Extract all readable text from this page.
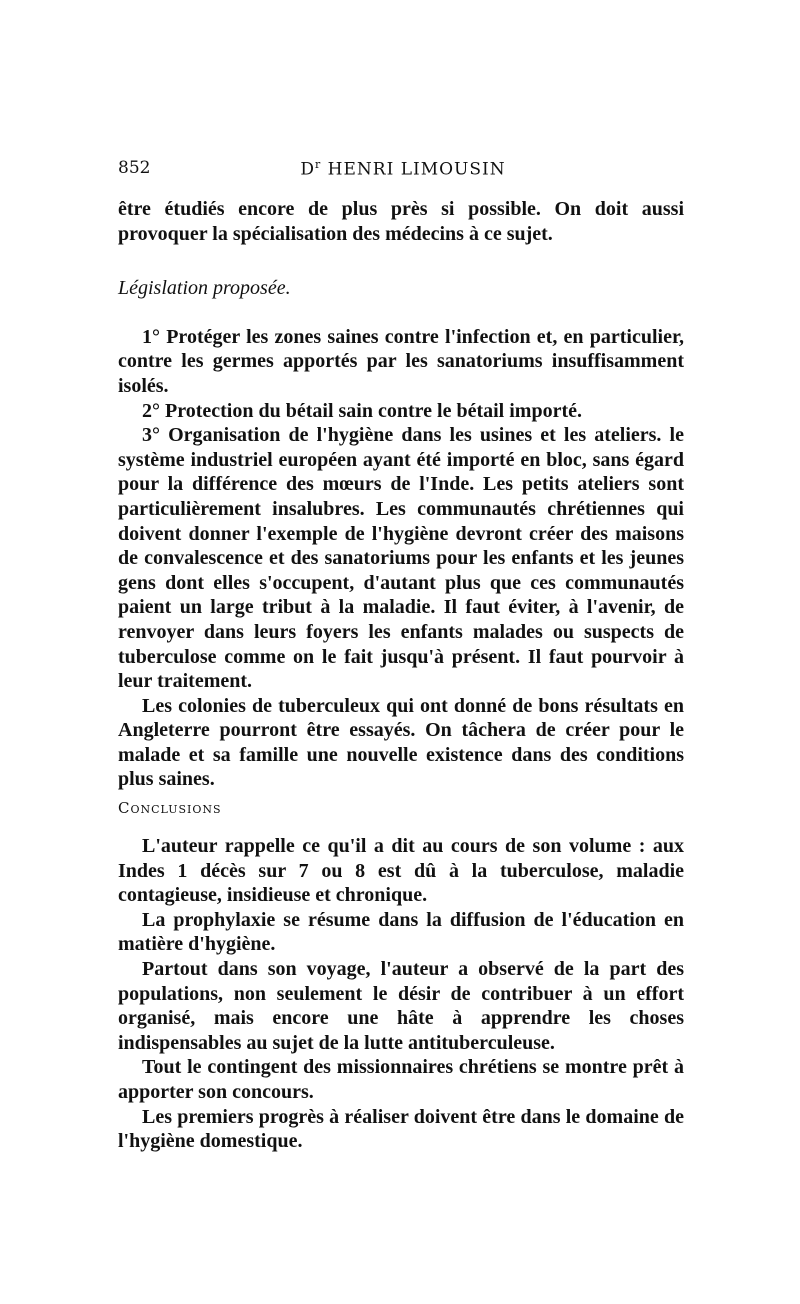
852	$D^r$ HENRI LIMOUSIN

être étudiés encore de plus près si possible. On doit aussi provoquer la spécialisation des médecins à ce sujet.

Législation proposée.

1° Protéger les zones saines contre l'infection et, en particulier, contre les germes apportés par les sanatoriums insuffisamment isolés.

2° Protection du bétail sain contre le bétail importé.

3° Organisation de l'hygiène dans les usines et les ateliers. le système industriel européen ayant été importé en bloc, sans égard pour la différence des mœurs de l'Inde. Les petits ateliers sont particulièrement insalubres. Les communautés chrétiennes qui doivent donner l'exemple de l'hygiène devront créer des maisons de convalescence et des sanatoriums pour les enfants et les jeunes gens dont elles s'occupent, d'autant plus que ces communautés paient un large tribut à la maladie. Il faut éviter, à l'avenir, de renvoyer dans leurs foyers les enfants malades ou suspects de tuberculose comme on le fait jusqu'à présent. Il faut pourvoir à leur traitement.

Les colonies de tuberculeux qui ont donné de bons résultats en Angleterre pourront être essayés. On tâchera de créer pour le malade et sa famille une nouvelle existence dans des conditions plus saines.

Conclusions

L'auteur rappelle ce qu'il a dit au cours de son volume : aux Indes 1 décès sur 7 ou 8 est dû à la tuberculose, maladie contagieuse, insidieuse et chronique.

La prophylaxie se résume dans la diffusion de l'éducation en matière d'hygiène.

Partout dans son voyage, l'auteur a observé de la part des populations, non seulement le désir de contribuer à un effort organisé, mais encore une hâte à apprendre les choses indispensables au sujet de la lutte antituberculeuse.

Tout le contingent des missionnaires chrétiens se montre prêt à apporter son concours.

Les premiers progrès à réaliser doivent être dans le domaine de l'hygiène domestique.
